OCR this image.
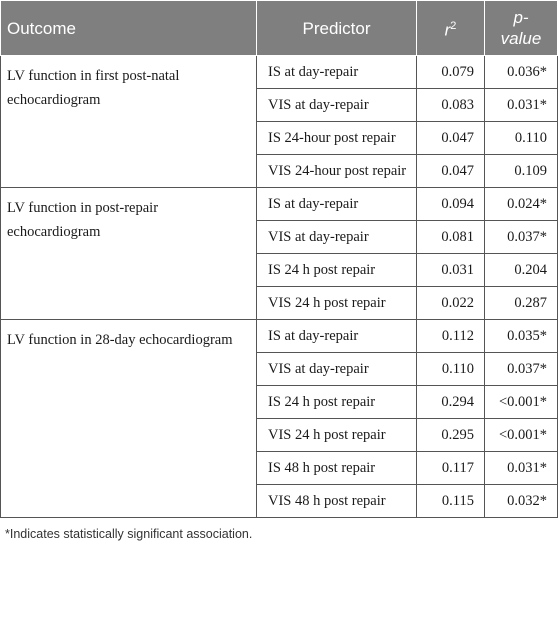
Outcome	Predictor	$r^2$	p-
value
LV function in first post-natal echocardiogram	IS at day-repair	0.079	0.036*
	VIS at day-repair	0.083	0.031*
	IS 24-hour post repair	0.047	0.110
	VIS 24-hour post repair	0.047	0.109
LV function in post-repair echocardiogram	IS at day-repair	0.094	0.024*
	VIS at day-repair	0.081	0.037*
	IS 24 h post repair	0.031	0.204
	VIS 24 h post repair	0.022	0.287
LV function in 28-day echocardiogram	IS at day-repair	0.112	0.035*
	VIS at day-repair	0.110	0.037*
	IS 24 h post repair	0.294	<0.001*
	VIS 24 h post repair	0.295	<0.001*
	IS 48 h post repair	0.117	0.031*
	VIS 48 h post repair	0.115	0.032*
*Indicates statistically significant association.
